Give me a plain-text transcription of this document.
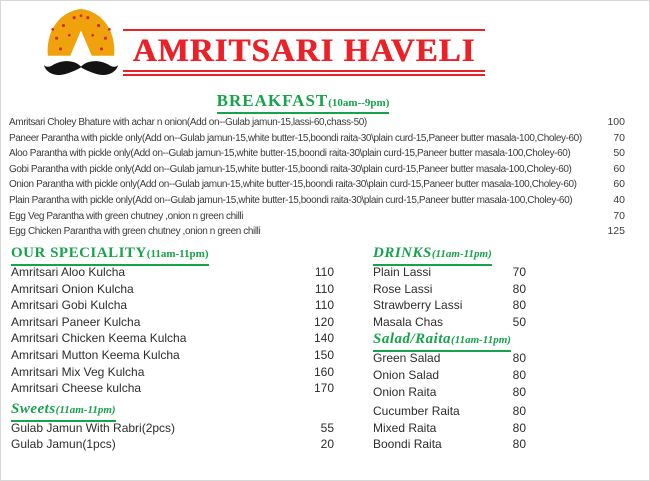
AMRITSARI HAVELI
BREAKFAST(10am--9pm)
Amritsari Choley Bhature with achar n onion(Add on--Gulab jamun-15,lassi-60,chass-50)	100
Paneer Parantha with pickle only(Add on--Gulab jamun-15,white butter-15,boondi raita-30\plain curd-15,Paneer butter masala-100,Choley-60)	70
Aloo Parantha with pickle only(Add on--Gulab jamun-15,white butter-15,boondi raita-30\plain curd-15,Paneer butter masala-100,Choley-60)	50
Gobi Parantha with pickle only(Add on--Gulab jamun-15,white butter-15,boondi raita-30\plain curd-15,Paneer butter masala-100,Choley-60)	60
Onion Parantha with pickle only(Add on--Gulab jamun-15,white butter-15,boondi raita-30\plain curd-15,Paneer butter masala-100,Choley-60)	60
Plain Parantha with pickle only(Add on--Gulab jamun-15,white butter-15,boondi raita-30\plain curd-15,Paneer butter masala-100,Choley-60)	40
Egg Veg Parantha with green chutney ,onion n green chilli	70
Egg Chicken Parantha with green chutney ,onion n green chilli	125
OUR SPECIALITY(11am-11pm)
Amritsari Aloo Kulcha	110
Amritsari Onion Kulcha	110
Amritsari Gobi Kulcha	110
Amritsari Paneer Kulcha	120
Amritsari Chicken Keema Kulcha	140
Amritsari Mutton Keema Kulcha	150
Amritsari Mix Veg Kulcha	160
Amritsari Cheese kulcha	170
Sweets(11am-11pm)
Gulab Jamun With Rabri(2pcs)	55
Gulab Jamun(1pcs)	20
DRINKS(11am-11pm)
Plain Lassi	70
Rose Lassi	80
Strawberry Lassi	80
Masala Chas	50
Salad/Raita(11am-11pm)
Green Salad	80
Onion Salad	80
Onion Raita	80
Cucumber Raita	80
Mixed Raita	80
Boondi Raita	80
